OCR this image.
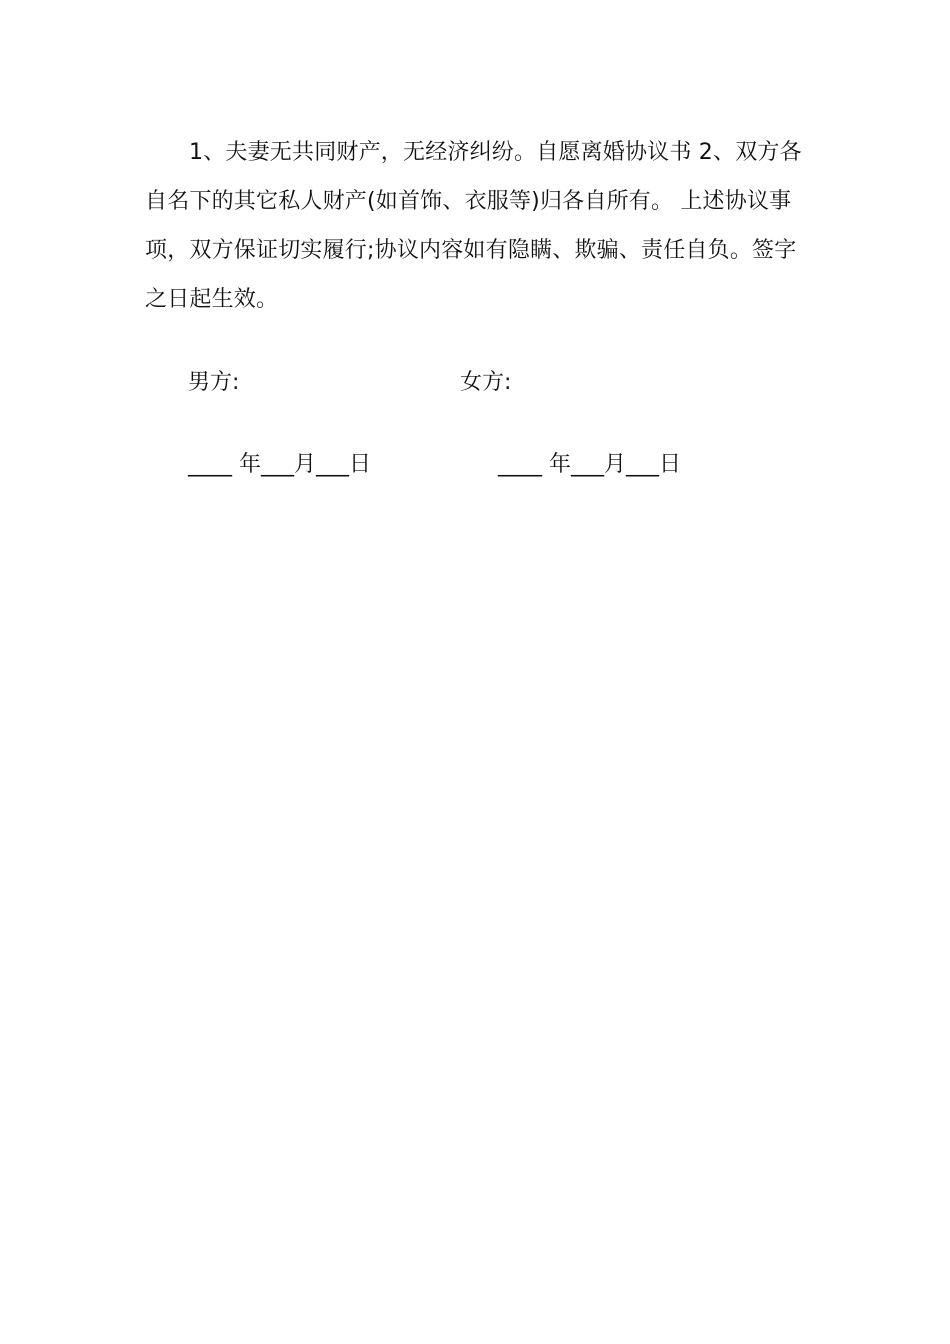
1、夫妻无共同财产，无经济纠纷。自愿离婚协议书 2、双方各自名下的其它私人财产(如首饰、衣服等)归各自所有。 上述协议事项，双方保证切实履行;协议内容如有隐瞒、欺骗、责任自负。签字之日起生效。

男方:	女方:
____ 年___月___日	____ 年___月___日
